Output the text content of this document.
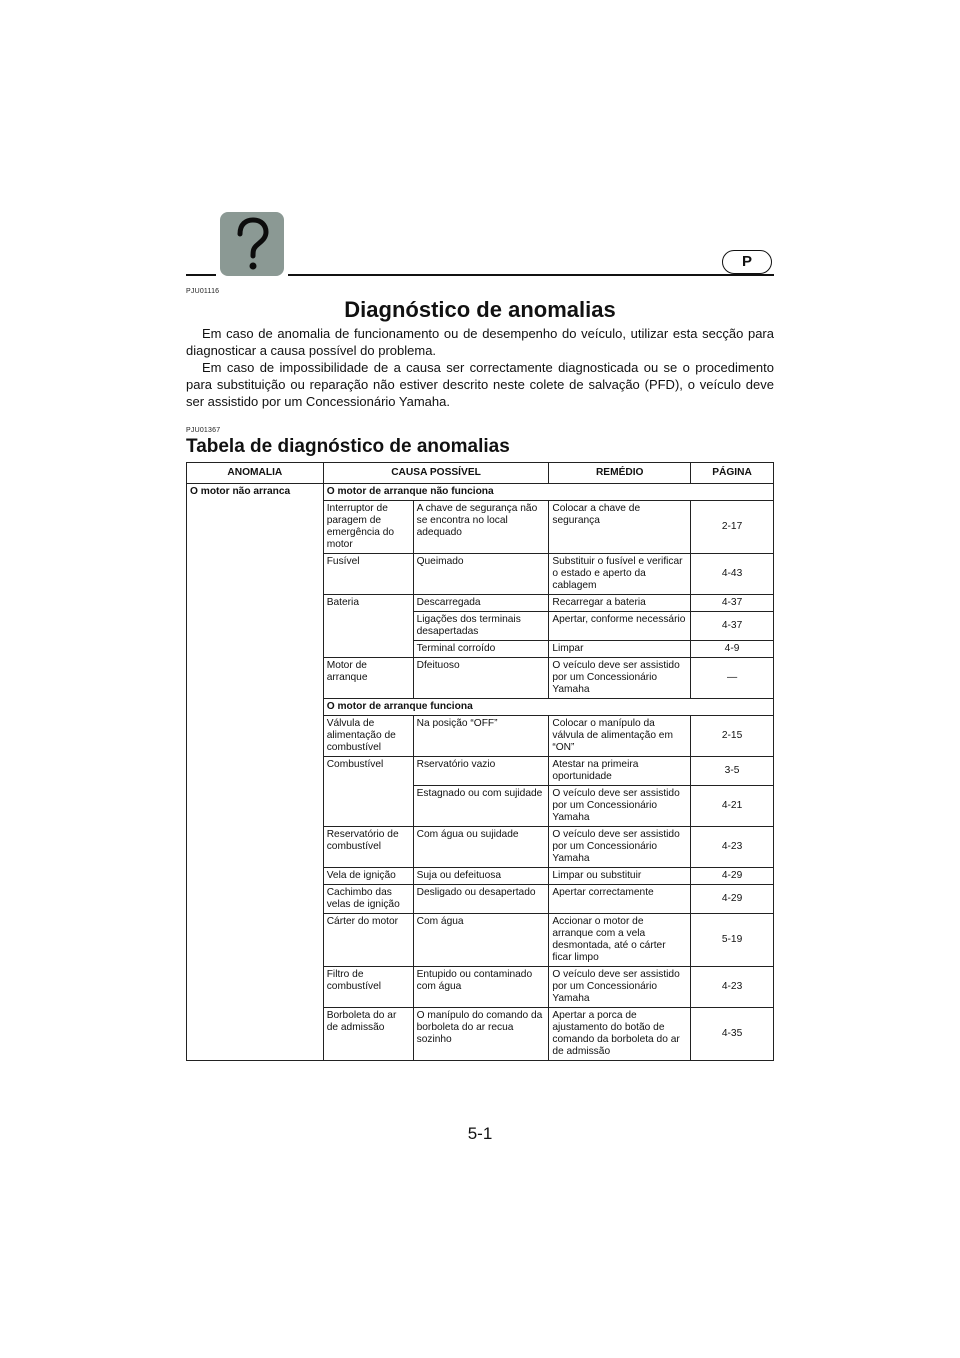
P
PJU01116
Diagnóstico de anomalias

Em caso de anomalia de funcionamento ou de desempenho do veículo, utilizar esta secção para diagnosticar a causa possível do problema.

Em caso de impossibilidade de a causa ser correctamente diagnosticada ou se o procedimento para substituição ou reparação não estiver descrito neste colete de salvação (PFD), o veículo deve ser assistido por um Concessionário Yamaha.

PJU01367
Tabela de diagnóstico de anomalias
ANOMALIA	CAUSA POSSÍVEL		REMÉDIO	PÁGINA
O motor não arranca	O motor de arranque não funciona			
	Interruptor de paragem de emergência do motor	A chave de segurança não se encontra no local adequado	Colocar a chave de segurança	2-17
	Fusível	Queimado	Substituir o fusível e verificar o estado e aperto da cablagem	4-43
	Bateria	Descarregada	Recarregar a bateria	4-37
		Ligações dos terminais desapertadas	Apertar, conforme necessário	4-37
		Terminal corroído	Limpar	4-9
	Motor de arranque	Dfeituoso	O veículo deve ser assistido por um Concessionário Yamaha	—
	O motor de arranque funciona			
	Válvula de alimentação de combustível	Na posição “OFF”	Colocar o manípulo da válvula de alimentação em “ON”	2-15
	Combustível	Rservatório vazio	Atestar na primeira oportunidade	3-5
		Estagnado ou com sujidade	O veículo deve ser assistido por um Concessionário Yamaha	4-21
	Reservatório de combustível	Com água ou sujidade	O veículo deve ser assistido por um Concessionário Yamaha	4-23
	Vela de ignição	Suja ou defeituosa	Limpar ou substituir	4-29
	Cachimbo das velas de ignição	Desligado ou desapertado	Apertar correctamente	4-29
	Cárter do motor	Com água	Accionar o motor de arranque com a vela desmontada, até o cárter ficar limpo	5-19
	Filtro de combustível	Entupido ou contaminado com água	O veículo deve ser assistido por um Concessionário Yamaha	4-23
	Borboleta do ar de admissão	O manípulo do comando da borboleta do ar recua sozinho	Apertar a porca de ajustamento do botão de comando da borboleta do ar de admissão	4-35
5-1
